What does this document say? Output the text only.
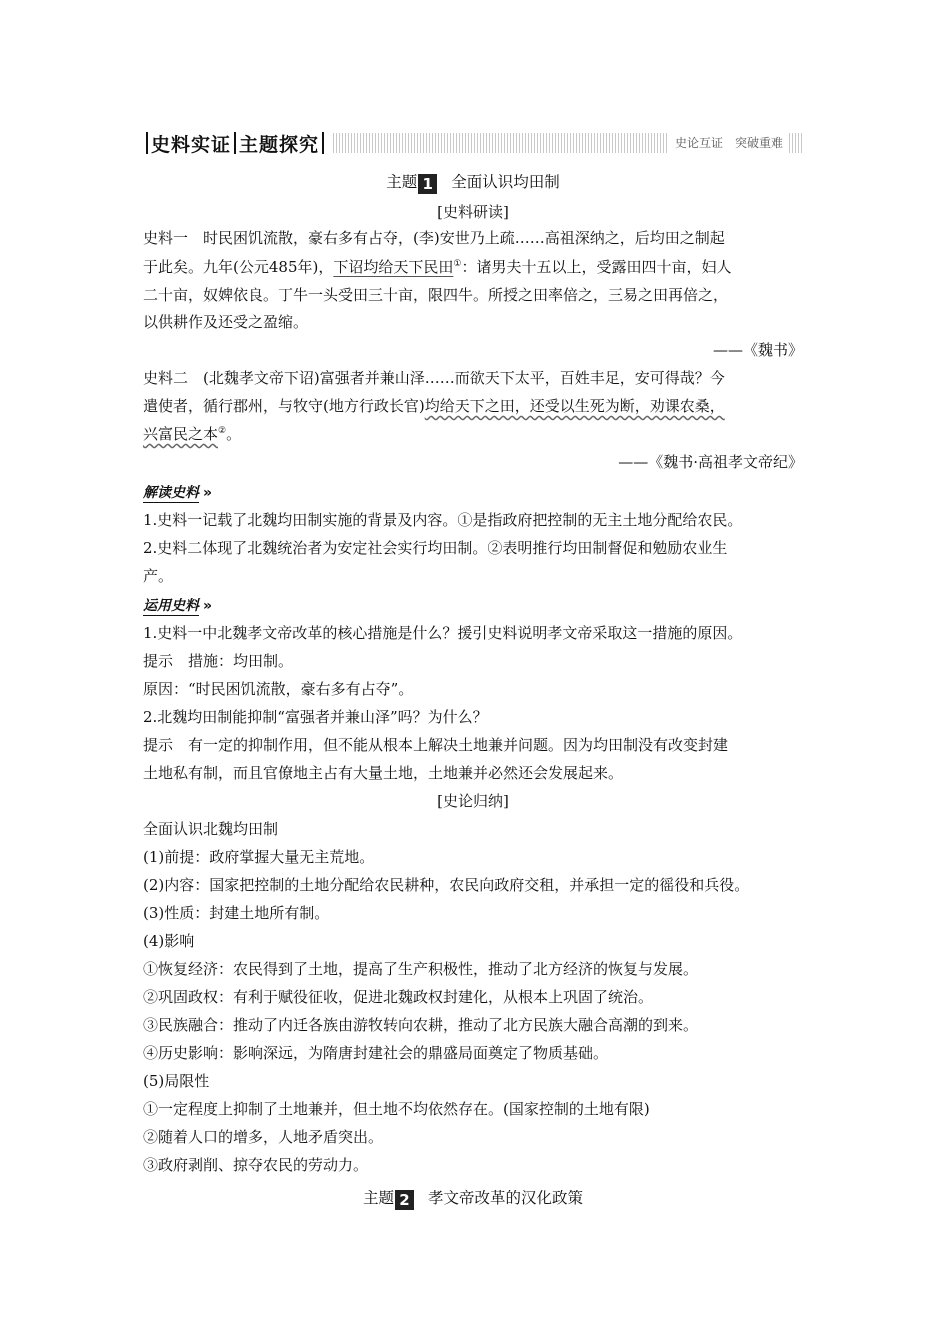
史料实证 主题探究	史论互证　突破重难
主题 1 全面认识均田制
[史料研读]
史料一　时民困饥流散，豪右多有占夺，(李)安世乃上疏……高祖深纳之，后均田之制起
于此矣。九年(公元485年)，下诏均给天下民田①：诸男夫十五以上，受露田四十亩，妇人
二十亩，奴婢依良。丁牛一头受田三十亩，限四牛。所授之田率倍之，三易之田再倍之，
以供耕作及还受之盈缩。
——《魏书》
史料二　(北魏孝文帝下诏)富强者并兼山泽……而欲天下太平，百姓丰足，安可得哉？今
遣使者，循行郡州，与牧守(地方行政长官)均给天下之田，还受以生死为断，劝课农桑，
兴富民之本②。
——《魏书·高祖孝文帝纪》
解读史料 »
1.史料一记载了北魏均田制实施的背景及内容。①是指政府把控制的无主土地分配给农民。
2.史料二体现了北魏统治者为安定社会实行均田制。②表明推行均田制督促和勉励农业生
产。
运用史料 »
1.史料一中北魏孝文帝改革的核心措施是什么？援引史料说明孝文帝采取这一措施的原因。
提示　措施：均田制。
原因：“时民困饥流散，豪右多有占夺”。
2.北魏均田制能抑制“富强者并兼山泽”吗？为什么？
提示　有一定的抑制作用，但不能从根本上解决土地兼并问题。因为均田制没有改变封建
土地私有制，而且官僚地主占有大量土地，土地兼并必然还会发展起来。
[史论归纳]
全面认识北魏均田制
(1)前提：政府掌握大量无主荒地。
(2)内容：国家把控制的土地分配给农民耕种，农民向政府交租，并承担一定的徭役和兵役。
(3)性质：封建土地所有制。
(4)影响
①恢复经济：农民得到了土地，提高了生产积极性，推动了北方经济的恢复与发展。
②巩固政权：有利于赋役征收，促进北魏政权封建化，从根本上巩固了统治。
③民族融合：推动了内迁各族由游牧转向农耕，推动了北方民族大融合高潮的到来。
④历史影响：影响深远，为隋唐封建社会的鼎盛局面奠定了物质基础。
(5)局限性
①一定程度上抑制了土地兼并，但土地不均依然存在。(国家控制的土地有限)
②随着人口的增多，人地矛盾突出。
③政府剥削、掠夺农民的劳动力。
主题 2 孝文帝改革的汉化政策
